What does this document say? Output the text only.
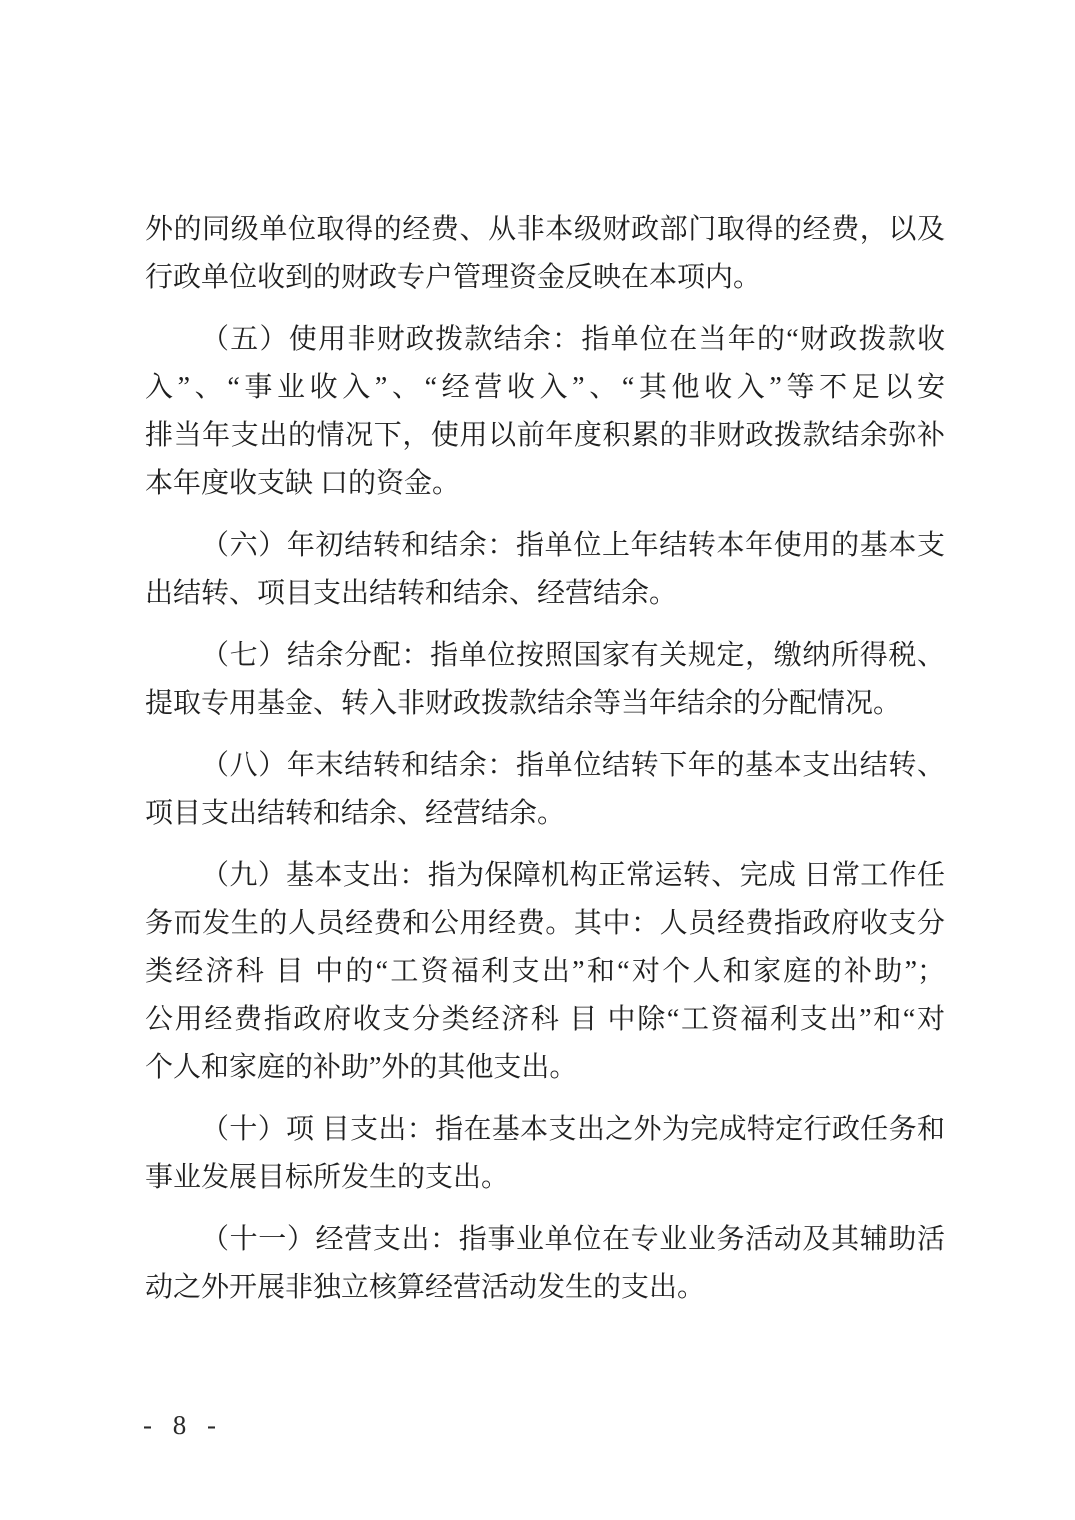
外的同级单位取得的经费、从非本级财政部门取得的经费，以及
行政单位收到的财政专户管理资金反映在本项内。

（五）使用非财政拨款结余：指单位在当年的“财政拨款收
入”、“事业收入”、“经营收入”、“其他收入”等不足以安
排当年支出的情况下，使用以前年度积累的非财政拨款结余弥补
本年度收支缺 口的资金。

（六）年初结转和结余：指单位上年结转本年使用的基本支
出结转、项目支出结转和结余、经营结余。

（七）结余分配：指单位按照国家有关规定，缴纳所得税、
提取专用基金、转入非财政拨款结余等当年结余的分配情况。

（八）年末结转和结余：指单位结转下年的基本支出结转、
项目支出结转和结余、经营结余。

（九）基本支出：指为保障机构正常运转、完成 日常工作任
务而发生的人员经费和公用经费。其中：人员经费指政府收支分
类经济科 目 中的“工资福利支出”和“对个人和家庭的补助”；
公用经费指政府收支分类经济科 目 中除“工资福利支出”和“对
个人和家庭的补助”外的其他支出。

（十）项 目支出：指在基本支出之外为完成特定行政任务和
事业发展目标所发生的支出。

（十一）经营支出：指事业单位在专业业务活动及其辅助活
动之外开展非独立核算经营活动发生的支出。

- 8 -
